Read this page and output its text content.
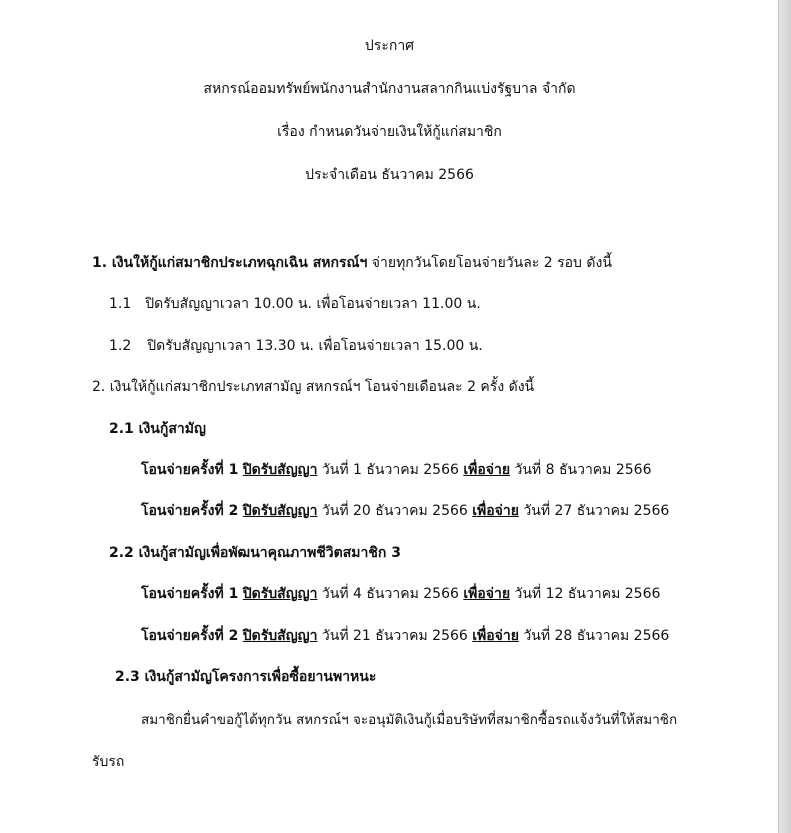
ประกาศ
สหกรณ์ออมทรัพย์พนักงานสำนักงานสลากกินแบ่งรัฐบาล จำกัด
เรื่อง กำหนดวันจ่ายเงินให้กู้แก่สมาชิก
ประจำเดือน ธันวาคม 2566
1. เงินให้กู้แก่สมาชิกประเภทฉุกเฉิน สหกรณ์ฯ จ่ายทุกวันโดยโอนจ่ายวันละ 2 รอบ ดังนี้
1.1 ปิดรับสัญญาเวลา 10.00 น. เพื่อโอนจ่ายเวลา 11.00 น.
1.2 ปิดรับสัญญาเวลา 13.30 น. เพื่อโอนจ่ายเวลา 15.00 น.
2. เงินให้กู้แก่สมาชิกประเภทสามัญ สหกรณ์ฯ โอนจ่ายเดือนละ 2 ครั้ง ดังนี้
2.1 เงินกู้สามัญ
โอนจ่ายครั้งที่ 1 ปิดรับสัญญา วันที่ 1 ธันวาคม 2566 เพื่อจ่าย วันที่ 8 ธันวาคม 2566
โอนจ่ายครั้งที่ 2 ปิดรับสัญญา วันที่ 20 ธันวาคม 2566 เพื่อจ่าย วันที่ 27 ธันวาคม 2566
2.2 เงินกู้สามัญเพื่อพัฒนาคุณภาพชีวิตสมาชิก 3
โอนจ่ายครั้งที่ 1 ปิดรับสัญญา วันที่ 4 ธันวาคม 2566 เพื่อจ่าย วันที่ 12 ธันวาคม 2566
โอนจ่ายครั้งที่ 2 ปิดรับสัญญา วันที่ 21 ธันวาคม 2566 เพื่อจ่าย วันที่ 28 ธันวาคม 2566
2.3 เงินกู้สามัญโครงการเพื่อซื้อยานพาหนะ
สมาชิกยื่นคำขอกู้ได้ทุกวัน สหกรณ์ฯ จะอนุมัติเงินกู้เมื่อบริษัทที่สมาชิกซื้อรถแจ้งวันที่ให้สมาชิก
รับรถ
